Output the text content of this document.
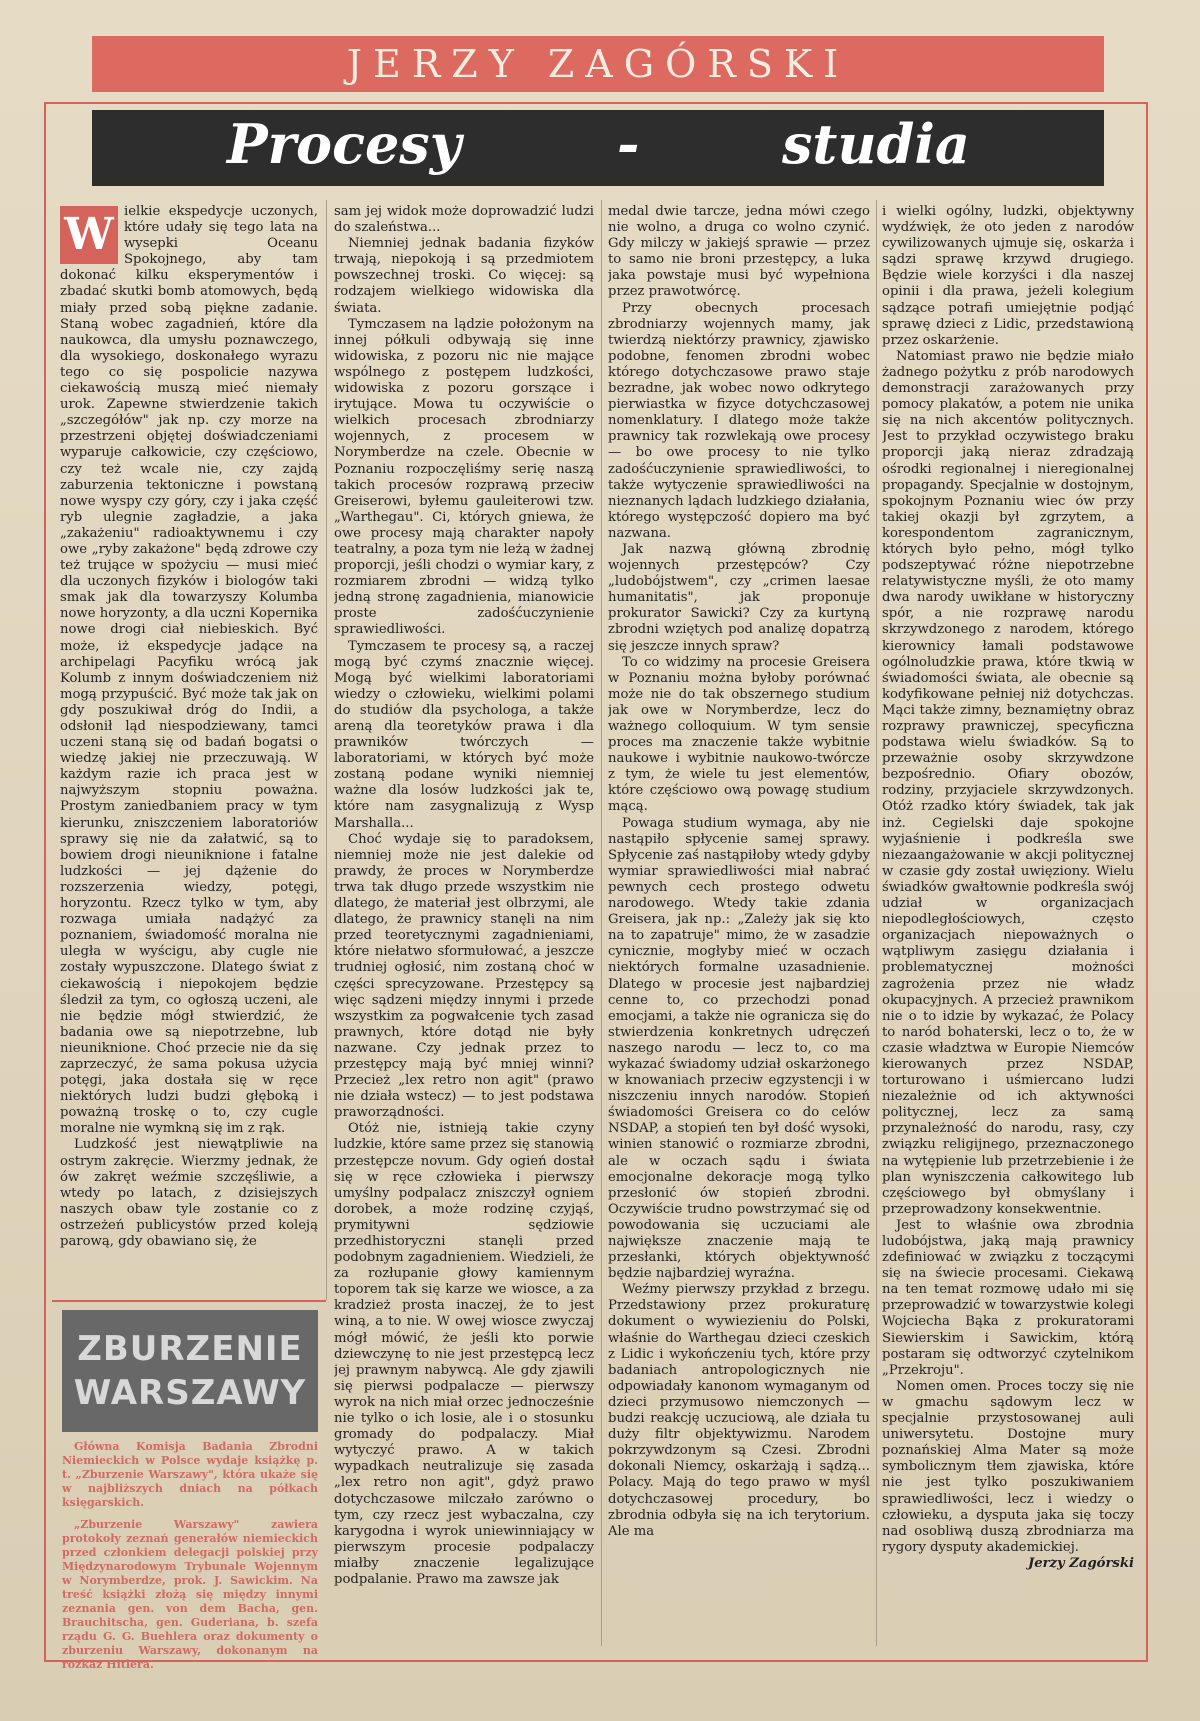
JERZY ZAGÓRSKI
Procesy	-	studia

W ielkie ekspedycje uczonych, które udały się tego lata na wysepki Oceanu Spokojnego, aby tam dokonać kilku eksperymentów i zbadać skutki bomb atomowych, będą miały przed sobą piękne zadanie. Staną wobec zagadnień, które dla naukowca, dla umysłu poznawczego, dla wysokiego, doskonałego wyrazu tego co się pospolicie nazywa ciekawością muszą mieć niemały urok. Zapewne stwierdzenie takich „szczegółów" jak np. czy morze na przestrzeni objętej doświadczeniami wyparuje całkowicie, czy częściowo, czy też wcale nie, czy zajdą zaburzenia tektoniczne i powstaną nowe wyspy czy góry, czy i jaka część ryb ulegnie zagładzie, a jaka „zakażeniu" radioaktywnemu i czy owe „ryby zakażone" będą zdrowe czy też trujące w spożyciu — musi mieć dla uczonych fizyków i biologów taki smak jak dla towarzyszy Kolumba nowe horyzonty, a dla uczni Kopernika nowe drogi ciał niebieskich. Być może, iż ekspedycje jadące na archipelagi Pacyfiku wrócą jak Kolumb z innym doświadczeniem niż mogą przypuścić. Być może tak jak on gdy poszukiwał dróg do Indii, a odsłonił ląd niespodziewany, tamci uczeni staną się od badań bogatsi o wiedzę jakiej nie przeczuwają. W każdym razie ich praca jest w najwyższym stopniu poważna. Prostym zaniedbaniem pracy w tym kierunku, zniszczeniem laboratoriów sprawy się nie da załatwić, są to bowiem drogi nieuniknione i fatalne ludzkości — jej dążenie do rozszerzenia wiedzy, potęgi, horyzontu. Rzecz tylko w tym, aby rozwaga umiała nadążyć za poznaniem, świadomość moralna nie uległa w wyścigu, aby cugle nie zostały wypuszczone. Dlatego świat z ciekawością i niepokojem będzie śledził za tym, co ogłoszą uczeni, ale nie będzie mógł stwierdzić, że badania owe są niepotrzebne, lub nieuniknione. Choć przecie nie da się zaprzeczyć, że sama pokusa użycia potęgi, jaka dostała się w ręce niektórych ludzi budzi głęboką i poważną troskę o to, czy cugle moralne nie wymkną się im z rąk.

Ludzkość jest niewątpliwie na ostrym zakręcie. Wierzmy jednak, że ów zakręt weźmie szczęśliwie, a wtedy po latach, z dzisiejszych naszych obaw tyle zostanie co z ostrzeżeń publicystów przed koleją parową, gdy obawiano się, że

sam jej widok może doprowadzić ludzi do szaleństwa...

Niemniej jednak badania fizyków trwają, niepokoją i są przedmiotem powszechnej troski. Co więcej: są rodzajem wielkiego widowiska dla świata.

Tymczasem na lądzie położonym na innej półkuli odbywają się inne widowiska, z pozoru nic nie mające wspólnego z postępem ludzkości, widowiska z pozoru gorszące i irytujące. Mowa tu oczywiście o wielkich procesach zbrodniarzy wojennych, z procesem w Norymberdze na czele. Obecnie w Poznaniu rozpoczęliśmy serię naszą takich procesów rozprawą przeciw Greiserowi, byłemu gauleiterowi tzw. „Warthegau". Ci, których gniewa, że owe procesy mają charakter napoły teatralny, a poza tym nie leżą w żadnej proporcji, jeśli chodzi o wymiar kary, z rozmiarem zbrodni — widzą tylko jedną stronę zagadnienia, mianowicie proste zadośćuczynienie sprawiedliwości.

Tymczasem te procesy są, a raczej mogą być czymś znacznie więcej. Mogą być wielkimi laboratoriami wiedzy o człowieku, wielkimi polami do studiów dla psychologa, a także areną dla teoretyków prawa i dla prawników twórczych — laboratoriami, w których być może zostaną podane wyniki niemniej ważne dla losów ludzkości jak te, które nam zasygnalizują z Wysp Marshalla...

Choć wydaje się to paradoksem, niemniej może nie jest dalekie od prawdy, że proces w Norymberdze trwa tak długo przede wszystkim nie dlatego, że materiał jest olbrzymi, ale dlatego, że prawnicy stanęli na nim przed teoretycznymi zagadnieniami, które niełatwo sformułować, a jeszcze trudniej ogłosić, nim zostaną choć w części sprecyzowane. Przestępcy są więc sądzeni między innymi i przede wszystkim za pogwałcenie tych zasad prawnych, które dotąd nie były nazwane. Czy jednak przez to przestępcy mają być mniej winni? Przecież „lex retro non agit" (prawo nie działa wstecz) — to jest podstawa praworządności.

Otóż nie, istnieją takie czyny ludzkie, które same przez się stanowią przestępcze novum. Gdy ogień dostał się w ręce człowieka i pierwszy umyślny podpalacz zniszczył ogniem dorobek, a może rodzinę czyjąś, prymitywni sędziowie przedhistoryczni stanęli przed podobnym zagadnieniem. Wiedzieli, że za rozłupanie głowy kamiennym toporem tak się karze we wiosce, a za kradzież prosta inaczej, że to jest winą, a to nie. W owej wiosce zwyczaj mógł mówić, że jeśli kto porwie dziewczynę to nie jest przestępcą lecz jej prawnym nabywcą. Ale gdy zjawili się pierwsi podpalacze — pierwszy wyrok na nich miał orzec jednocześnie nie tylko o ich losie, ale i o stosunku gromady do podpalaczy. Miał wytyczyć prawo. A w takich wypadkach neutralizuje się zasada „lex retro non agit", gdyż prawo dotychczasowe milczało zarówno o tym, czy rzecz jest wybaczalna, czy karygodna i wyrok uniewinniający w pierwszym procesie podpalaczy miałby znaczenie legalizujące podpalanie. Prawo ma zawsze jak

medal dwie tarcze, jedna mówi czego nie wolno, a druga co wolno czynić. Gdy milczy w jakiejś sprawie — przez to samo nie broni przestępcy, a luka jaka powstaje musi być wypełniona przez prawotwórcę.

Przy obecnych procesach zbrodniarzy wojennych mamy, jak twierdzą niektórzy prawnicy, zjawisko podobne, fenomen zbrodni wobec którego dotychczasowe prawo staje bezradne, jak wobec nowo odkrytego pierwiastka w fizyce dotychczasowej nomenklatury. I dlatego może także prawnicy tak rozwlekają owe procesy — bo owe procesy to nie tylko zadośćuczynienie sprawiedliwości, to także wytyczenie sprawiedliwości na nieznanych lądach ludzkiego działania, którego występczość dopiero ma być nazwana.

Jak nazwą główną zbrodnię wojennych przestępców? Czy „ludobójstwem", czy „crimen laesae humanitatis", jak proponuje prokurator Sawicki? Czy za kurtyną zbrodni wziętych pod analizę dopatrzą się jeszcze innych spraw?

To co widzimy na procesie Greisera w Poznaniu można byłoby porównać może nie do tak obszernego studium jak owe w Norymberdze, lecz do ważnego colloquium. W tym sensie proces ma znaczenie także wybitnie naukowe i wybitnie naukowo-twórcze z tym, że wiele tu jest elementów, które częściowo ową powagę studium mącą.

Powaga studium wymaga, aby nie nastąpiło spłycenie samej sprawy. Spłycenie zaś nastąpiłoby wtedy gdyby wymiar sprawiedliwości miał nabrać pewnych cech prostego odwetu narodowego. Wtedy takie zdania Greisera, jak np.: „Zależy jak się kto na to zapatruje" mimo, że w zasadzie cynicznie, mogłyby mieć w oczach niektórych formalne uzasadnienie. Dlatego w procesie jest najbardziej cenne to, co przechodzi ponad emocjami, a także nie ogranicza się do stwierdzenia konkretnych udręczeń naszego narodu — lecz to, co ma wykazać świadomy udział oskarżonego w knowaniach przeciw egzystencji i w niszczeniu innych narodów. Stopień świadomości Greisera co do celów NSDAP, a stopień ten był dość wysoki, winien stanowić o rozmiarze zbrodni, ale w oczach sądu i świata emocjonalne dekoracje mogą tylko przesłonić ów stopień zbrodni. Oczywiście trudno powstrzymać się od powodowania się uczuciami ale największe znaczenie mają te przesłanki, których objektywność będzie najbardziej wyraźna.

Weźmy pierwszy przykład z brzegu. Przedstawiony przez prokuraturę dokument o wywiezieniu do Polski, właśnie do Warthegau dzieci czeskich z Lidic i wykończeniu tych, które przy badaniach antropologicznych nie odpowiadały kanonom wymaganym od dzieci przymusowo niemczonych — budzi reakcję uczuciową, ale działa tu duży filtr objektywizmu. Narodem pokrzywdzonym są Czesi. Zbrodni dokonali Niemcy, oskarżają i sądzą... Polacy. Mają do tego prawo w myśl dotychczasowej procedury, bo zbrodnia odbyła się na ich terytorium. Ale ma

i wielki ogólny, ludzki, objektywny wydźwięk, że oto jeden z narodów cywilizowanych ujmuje się, oskarża i sądzi sprawę krzywd drugiego. Będzie wiele korzyści i dla naszej opinii i dla prawa, jeżeli kolegium sądzące potrafi umiejętnie podjąć sprawę dzieci z Lidic, przedstawioną przez oskarżenie.

Natomiast prawo nie będzie miało żadnego pożytku z prób narodowych demonstracji zarażowanych przy pomocy plakatów, a potem nie unika się na nich akcentów politycznych. Jest to przykład oczywistego braku proporcji jaką nieraz zdradzają ośrodki regionalnej i nieregionalnej propagandy. Specjalnie w dostojnym, spokojnym Poznaniu wiec ów przy takiej okazji był zgrzytem, a korespondentom zagranicznym, których było pełno, mógł tylko podszeptywać różne niepotrzebne relatywistyczne myśli, że oto mamy dwa narody uwikłane w historyczny spór, a nie rozprawę narodu skrzywdzonego z narodem, którego kierownicy łamali podstawowe ogólnoludzkie prawa, które tkwią w świadomości świata, ale obecnie są kodyfikowane pełniej niż dotychczas. Mąci także zimny, beznamiętny obraz rozprawy prawniczej, specyficzna podstawa wielu świadków. Są to przeważnie osoby skrzywdzone bezpośrednio. Ofiary obozów, rodziny, przyjaciele skrzywdzonych. Otóż rzadko który świadek, tak jak inż. Cegielski daje spokojne wyjaśnienie i podkreśla swe niezaangażowanie w akcji politycznej w czasie gdy został uwięziony. Wielu świadków gwałtownie podkreśla swój udział w organizacjach niepodległościowych, często organizacjach niepoważnych o wątpliwym zasięgu działania i problematycznej możności zagrożenia przez nie władz okupacyjnych. A przecież prawnikom nie o to idzie by wykazać, że Polacy to naród bohaterski, lecz o to, że w czasie władztwa w Europie Niemców kierowanych przez NSDAP, torturowano i uśmiercano ludzi niezależnie od ich aktywności politycznej, lecz za samą przynależność do narodu, rasy, czy związku religijnego, przeznaczonego na wytępienie lub przetrzebienie i że plan wyniszczenia całkowitego lub częściowego był obmyślany i przeprowadzony konsekwentnie.

Jest to właśnie owa zbrodnia ludobójstwa, jaką mają prawnicy zdefiniować w związku z toczącymi się na świecie procesami. Ciekawą na ten temat rozmowę udało mi się przeprowadzić w towarzystwie kolegi Wojciecha Bąka z prokuratorami Siewierskim i Sawickim, którą postaram się odtworzyć czytelnikom „Przekroju".

Nomen omen. Proces toczy się nie w gmachu sądowym lecz w specjalnie przystosowanej auli uniwersytetu. Dostojne mury poznańskiej Alma Mater są może symbolicznym tłem zjawiska, które nie jest tylko poszukiwaniem sprawiedliwości, lecz i wiedzy o człowieku, a dysputa jaka się toczy nad osobliwą duszą zbrodniarza ma rygory dysputy akademickiej.

Jerzy Zagórski
ZBURZENIE
WARSZAWY

Główna Komisja Badania Zbrodni Niemieckich w Polsce wydaje książkę p. t. „Zburzenie Warszawy", która ukaże się w najbliższych dniach na półkach księgarskich.

„Zburzenie Warszawy" zawiera protokoły zeznań generałów niemieckich przed członkiem delegacji polskiej przy Międzynarodowym Trybunale Wojennym w Norymberdze, prok. J. Sawickim. Na treść książki złożą się między innymi zeznania gen. von dem Bacha, gen. Brauchitscha, gen. Guderiana, b. szefa rządu G. G. Buehlera oraz dokumenty o zburzeniu Warszawy, dokonanym na rozkaz Hitlera.
